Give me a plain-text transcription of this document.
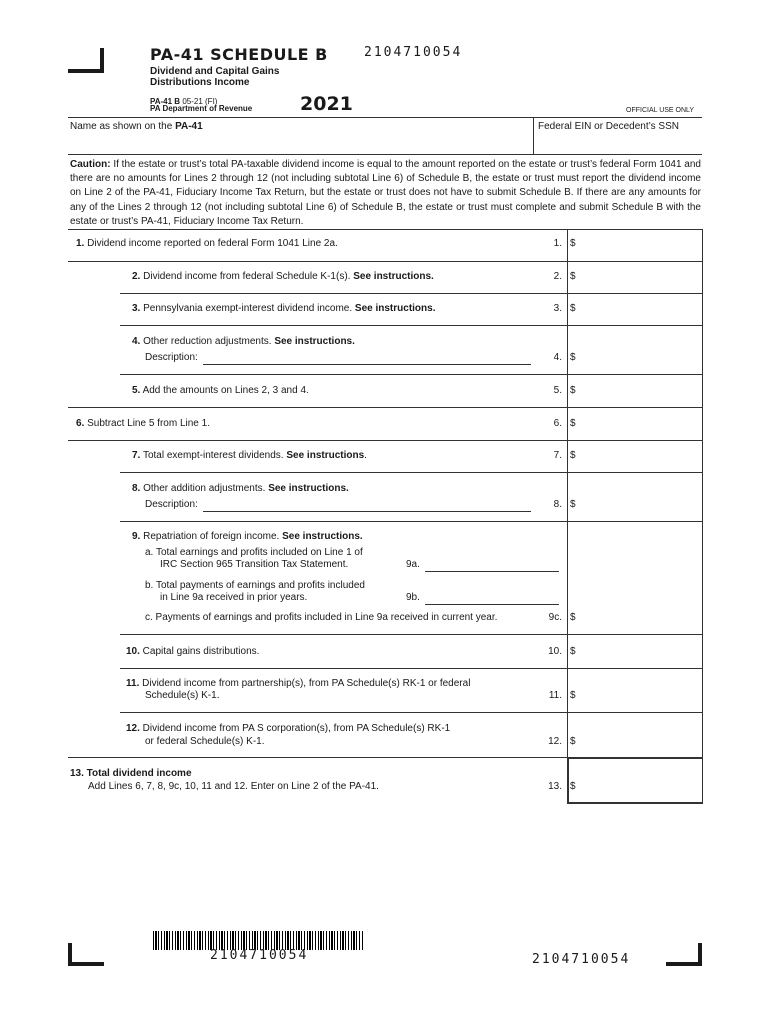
PA-41 SCHEDULE B	2104710054
Dividend and Capital Gains
Distributions Income
PA-41 B 05-21 (FI)
PA Department of Revenue	2021	OFFICIAL USE ONLY
Name as shown on the PA-41	Federal EIN or Decedent’s SSN
Caution: If the estate or trust’s total PA-taxable dividend income is equal to the amount reported on the estate or trust’s federal Form 1041 and there are no amounts for Lines 2 through 12 (not including subtotal Line 6) of Schedule B, the estate or trust must report the dividend income on Line 2 of the PA-41, Fiduciary Income Tax Return, but the estate or trust does not have to submit Schedule B. If there are any amounts for any of the Lines 2 through 12 (not including subtotal Line 6) of Schedule B, the estate or trust must complete and submit Schedule B with the estate or trust’s PA-41, Fiduciary Income Tax Return.
1. Dividend income reported on federal Form 1041 Line 2a.	1. $
2. Dividend income from federal Schedule K-1(s). See instructions.	2. $
3. Pennsylvania exempt-interest dividend income. See instructions.	3. $
4. Other reduction adjustments. See instructions.
Description:	4. $
5. Add the amounts on Lines 2, 3 and 4.	5. $
6. Subtract Line 5 from Line 1.	6. $
7. Total exempt-interest dividends. See instructions.	7. $
8. Other addition adjustments. See instructions.
Description:	8. $
9. Repatriation of foreign income. See instructions.
a. Total earnings and profits included on Line 1 of
IRC Section 965 Transition Tax Statement.	9a.
b. Total payments of earnings and profits included
in Line 9a received in prior years.	9b.
c. Payments of earnings and profits included in Line 9a received in current year.	9c. $
10. Capital gains distributions.	10. $
11. Dividend income from partnership(s), from PA Schedule(s) RK-1 or federal
Schedule(s) K-1.	11. $
12. Dividend income from PA S corporation(s), from PA Schedule(s) RK-1
or federal Schedule(s) K-1.	12. $
13. Total dividend income
Add Lines 6, 7, 8, 9c, 10, 11 and 12. Enter on Line 2 of the PA-41.	13. $
2104710054	2104710054
